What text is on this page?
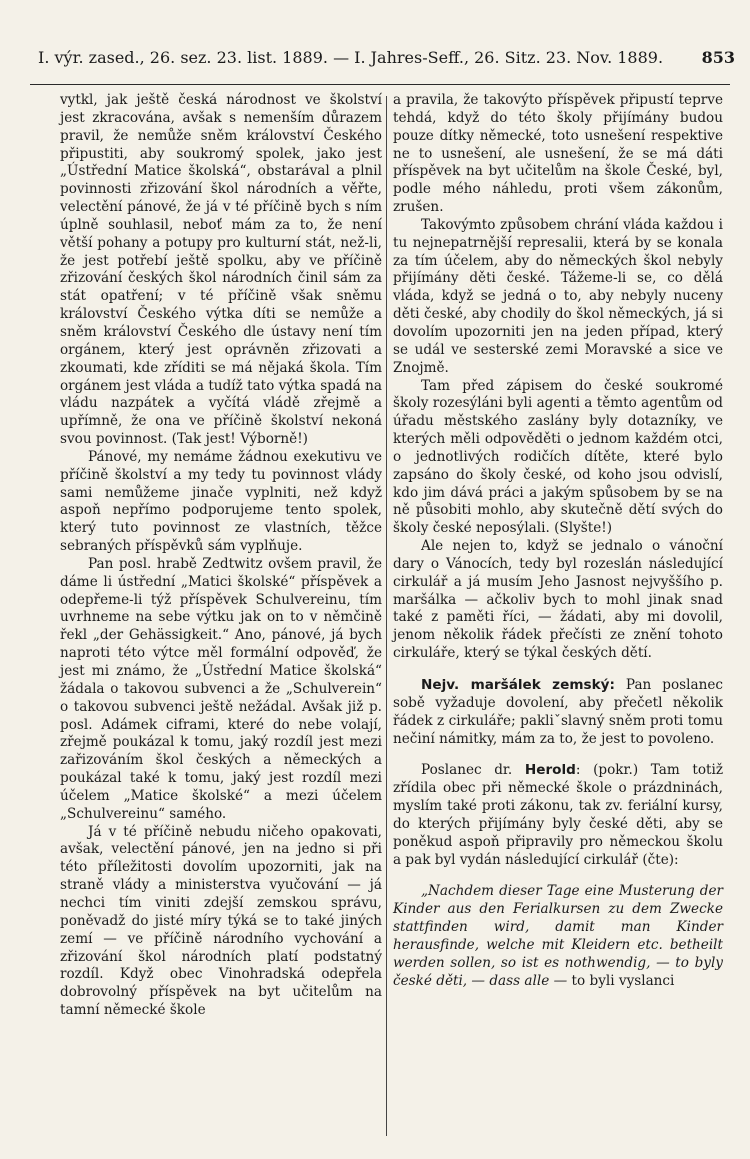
I. výr. zased., 26. sez. 23. list. 1889. — I. Jahres-Seff., 26. Sitz. 23. Nov. 1889. 853

vytkl, jak ještě česká národnost ve školství jest zkracována, avšak s nemenším důrazem pravil, že nemůže sněm království Českého připustiti, aby soukromý spolek, jako jest „Ústřední Matice školská“, obstarával a plnil povinnosti zřizování škol národních a věřte, velectění pánové, že já v té příčině bych s ním úplně souhlasil, neboť mám za to, že není větší pohany a potupy pro kulturní stát, než-li, že jest potřebí ještě spolku, aby ve příčině zřizování českých škol národních činil sám za stát opatření; v té příčině však sněmu království Českého výtka díti se nemůže a sněm království Českého dle ústavy není tím orgánem, který jest oprávněn zřizovati a zkoumati, kde zříditi se má nějaká škola. Tím orgánem jest vláda a tudíž tato výtka spadá na vládu nazpátek a vyčítá vládě zřejmě a upřímně, že ona ve příčině školství nekoná svou povinnost. (Tak jest! Výborně!)

Pánové, my nemáme žádnou exekutivu ve příčině školství a my tedy tu povinnost vlády sami nemůžeme jinače vyplniti, než když aspoň nepřímo podporujeme tento spolek, který tuto povinnost ze vlastních, těžce sebraných příspěvků sám vyplňuje.

Pan posl. hrabě Zedtwitz ovšem pravil, že dáme li ústřední „Matici školské“ příspěvek a odepřeme-li týž příspěvek Schulvereinu, tím uvrhneme na sebe výtku jak on to v němčině řekl „der Gehässigkeit.“ Ano, pánové, já bych naproti této výtce měl formální odpověď, že jest mi známo, že „Ústřední Matice školská“ žádala o takovou subvenci a že „Schulverein“ o takovou subvenci ještě nežádal. Avšak již p. posl. Adámek ciframi, které do nebe volají, zřejmě poukázal k tomu, jaký rozdíl jest mezi zařizováním škol českých a německých a poukázal také k tomu, jaký jest rozdíl mezi účelem „Matice školské“ a mezi účelem „Schulvereinu“ samého.

Já v té příčině nebudu ničeho opakovati, avšak, velectění pánové, jen na jedno si při této příležitosti dovolím upozorniti, jak na straně vlády a ministerstva vyučování — já nechci tím viniti zdejší zemskou správu, poněvadž do jisté míry týká se to také jiných zemí — ve příčině národního vychování a zřizování škol národních platí podstatný rozdíl. Když obec Vinohradská odepřela dobrovolný příspěvek na byt učitelům na tamní německé škole

a pravila, že takovýto příspěvek připustí teprve tehdá, když do této školy přijímány budou pouze dítky německé, toto usnešení respektive ne to usnešení, ale usnešení, že se má dáti příspěvek na byt učitelům na škole České, byl, podle mého náhledu, proti všem zákonům, zrušen.

Takovýmto způsobem chrání vláda každou i tu nejnepatrnější represalii, která by se konala za tím účelem, aby do německých škol nebyly přijímány děti české. Tážeme-li se, co dělá vláda, když se jedná o to, aby nebyly nuceny děti české, aby chodily do škol německých, já si dovolím upozorniti jen na jeden případ, který se udál ve sesterské zemi Moravské a sice ve Znojmě.

Tam před zápisem do české soukromé školy rozesýláni byli agenti a těmto agentům od úřadu městského zaslány byly dotazníky, ve kterých měli odpověděti o jednom každém otci, o jednotlivých rodičích dítěte, které bylo zapsáno do školy české, od koho jsou odvislí, kdo jim dává práci a jakým spůsobem by se na ně působiti mohlo, aby skutečně dětí svých do školy české neposýlali. (Slyšte!)

Ale nejen to, když se jednalo o vánoční dary o Vánocích, tedy byl rozeslán následující cirkulář a já musím Jeho Jasnost nejvyššího p. maršálka — ačkoliv bych to mohl jinak snad také z paměti říci, — žádati, aby mi dovolil, jenom několik řádek přečísti ze znění tohoto cirkuláře, který se týkal českých dětí.

Nejv. maršálek zemský: Pan poslanec sobě vyžaduje dovolení, aby přečetl několik řádek z cirkuláře; pakliˇslavný sněm proti tomu nečiní námitky, mám za to, že jest to povoleno.

Poslanec dr. Herold: (pokr.) Tam totiž zřídila obec při německé škole o prázdninách, myslím také proti zákonu, tak zv. feriální kursy, do kterých přijímány byly české děti, aby se poněkud aspoň připravily pro německou školu a pak byl vydán následující cirkulář (čte):

„Nachdem dieser Tage eine Musterung der Kinder aus den Ferialkursen zu dem Zwecke stattfinden wird, damit man Kinder herausfinde, welche mit Kleidern etc. betheilt werden sollen, so ist es nothwendig, — to byly české děti, — dass alle — to byli vyslanci
